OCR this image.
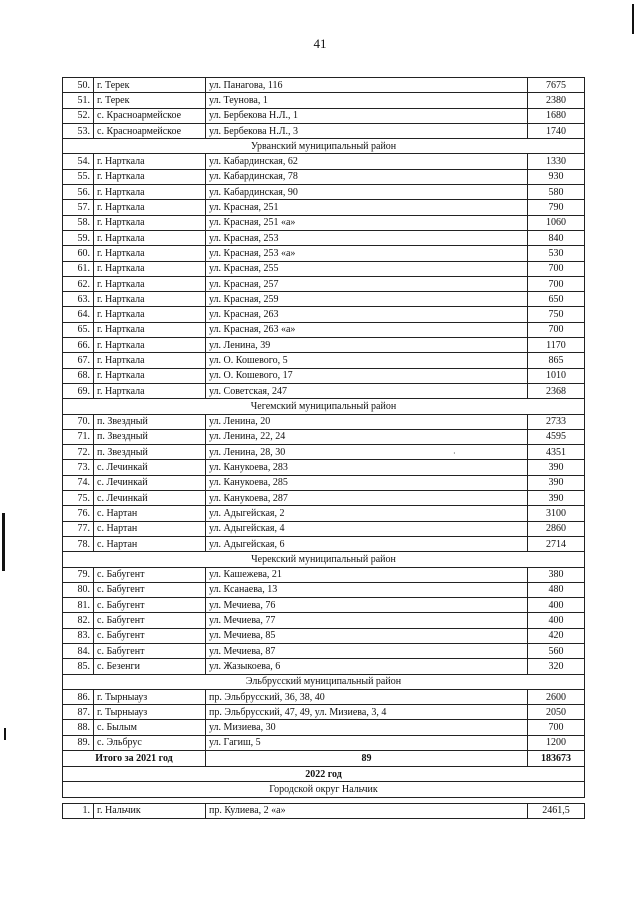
41
50.	г. Терек	ул. Панагова, 116	7675
51.	г. Терек	ул. Теунова, 1	2380
52.	с. Красноармейское	ул. Бербекова Н.Л., 1	1680
53.	с. Красноармейское	ул. Бербекова Н.Л., 3	1740
Урванский муниципальный район			
54.	г. Нарткала	ул. Кабардинская, 62	1330
55.	г. Нарткала	ул. Кабардинская, 78	930
56.	г. Нарткала	ул. Кабардинская, 90	580
57.	г. Нарткала	ул. Красная, 251	790
58.	г. Нарткала	ул. Красная, 251 «а»	1060
59.	г. Нарткала	ул. Красная, 253	840
60.	г. Нарткала	ул. Красная, 253 «а»	530
61.	г. Нарткала	ул. Красная, 255	700
62.	г. Нарткала	ул. Красная, 257	700
63.	г. Нарткала	ул. Красная, 259	650
64.	г. Нарткала	ул. Красная, 263	750
65.	г. Нарткала	ул. Красная, 263 «а»	700
66.	г. Нарткала	ул. Ленина, 39	1170
67.	г. Нарткала	ул. О. Кошевого, 5	865
68.	г. Нарткала	ул. О. Кошевого, 17	1010
69.	г. Нарткала	ул. Советская, 247	2368
Чегемский муниципальный район			
70.	п. Звездный	ул. Ленина, 20	2733
71.	п. Звездный	ул. Ленина, 22, 24	4595
72.	п. Звездный	ул. Ленина, 28, 30	4351
73.	с. Лечинкай	ул. Канукоева, 283	390
74.	с. Лечинкай	ул. Канукоева, 285	390
75.	с. Лечинкай	ул. Канукоева, 287	390
76.	с. Нартан	ул. Адыгейская, 2	3100
77.	с. Нартан	ул. Адыгейская, 4	2860
78.	с. Нартан	ул. Адыгейская, 6	2714
Черекский муниципальный район			
79.	с. Бабугент	ул. Кашежева, 21	380
80.	с. Бабугент	ул. Ксанаева, 13	480
81.	с. Бабугент	ул. Мечиева, 76	400
82.	с. Бабугент	ул. Мечиева, 77	400
83.	с. Бабугент	ул. Мечиева, 85	420
84.	с. Бабугент	ул. Мечиева, 87	560
85.	с. Безенги	ул. Жазыкоева, 6	320
Эльбрусский муниципальный район			
86.	г. Тырныауз	пр. Эльбрусский, 36, 38, 40	2600
87.	г. Тырныауз	пр. Эльбрусский, 47, 49, ул. Мизиева, 3, 4	2050
88.	с. Былым	ул. Мизиева, 30	700
89.	с. Эльбрус	ул. Гагиш, 5	1200
Итого за 2021 год		89	183673
2022 год			
Городской округ Нальчик			

1.	г. Нальчик	пр. Кулиева, 2 «а»	2461,5
·
